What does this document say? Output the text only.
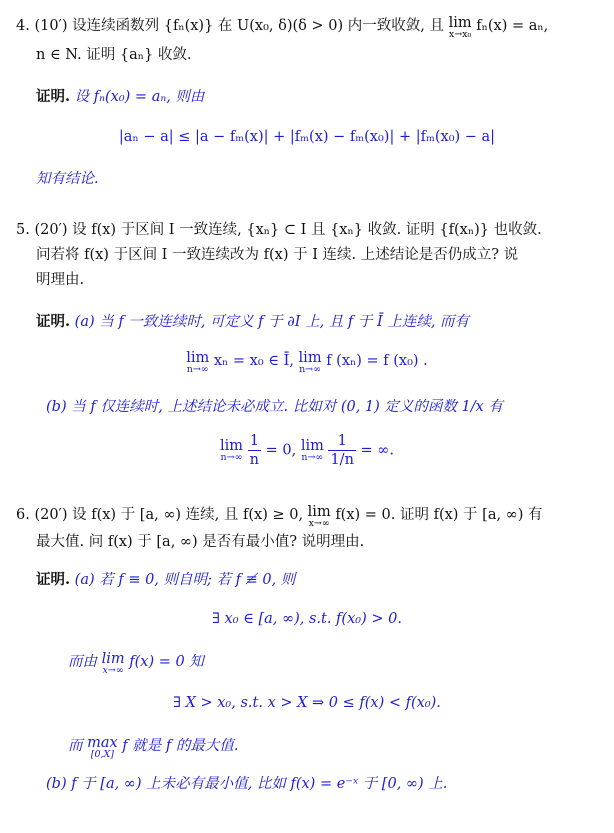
4. (10′) 设连续函数列 {fₙ(x)} 在 U(x₀, δ)(δ > 0) 内一致收敛, 且 lim
x→x₀
fₙ(x) = aₙ,
n ∈ N. 证明 {aₙ} 收敛.
证明. 设 fₙ(x₀) = aₙ, 则由
|aₙ − a| ≤ |a − fₘ(x)| + |fₘ(x) − fₘ(x₀)| + |fₘ(x₀) − a|
知有结论.
5. (20′) 设 f(x) 于区间 I 一致连续, {xₙ} ⊂ I 且 {xₙ} 收敛. 证明 {f(xₙ)} 也收敛.
问若将 f(x) 于区间 I 一致连续改为 f(x) 于 I 连续. 上述结论是否仍成立? 说
明理由.
证明. (a) 当 f 一致连续时, 可定义 f 于 ∂I 上, 且 f 于 Ī 上连续, 而有
lim
n→∞
xₙ = x₀ ∈ Ī, lim
n→∞
f (xₙ) = f (x₀) .
(b) 当 f 仅连续时, 上述结论未必成立. 比如对 (0, 1) 定义的函数 1/x 有
lim
n→∞
$\frac{1}{n} = 0$, lim
n→∞
$\frac{1}{1/n}$ = ∞.
6. (20′) 设 f(x) 于 [a, ∞) 连续, 且 f(x) ≥ 0, lim
x→∞
f(x) = 0. 证明 f(x) 于 [a, ∞) 有
最大值. 问 f(x) 于 [a, ∞) 是否有最小值? 说明理由.
证明. (a) 若 f ≡ 0, 则自明; 若 f ≢ 0, 则
∃ x₀ ∈ [a, ∞), s.t. f(x₀) > 0.
而由 lim
x→∞
f(x) = 0 知
∃ X > x₀, s.t. x > X ⇒ 0 ≤ f(x) < f(x₀).
而 max
[0,X]
f 就是 f 的最大值.
(b) f 于 [a, ∞) 上未必有最小值, 比如 f(x) = e⁻ˣ 于 [0, ∞) 上.
